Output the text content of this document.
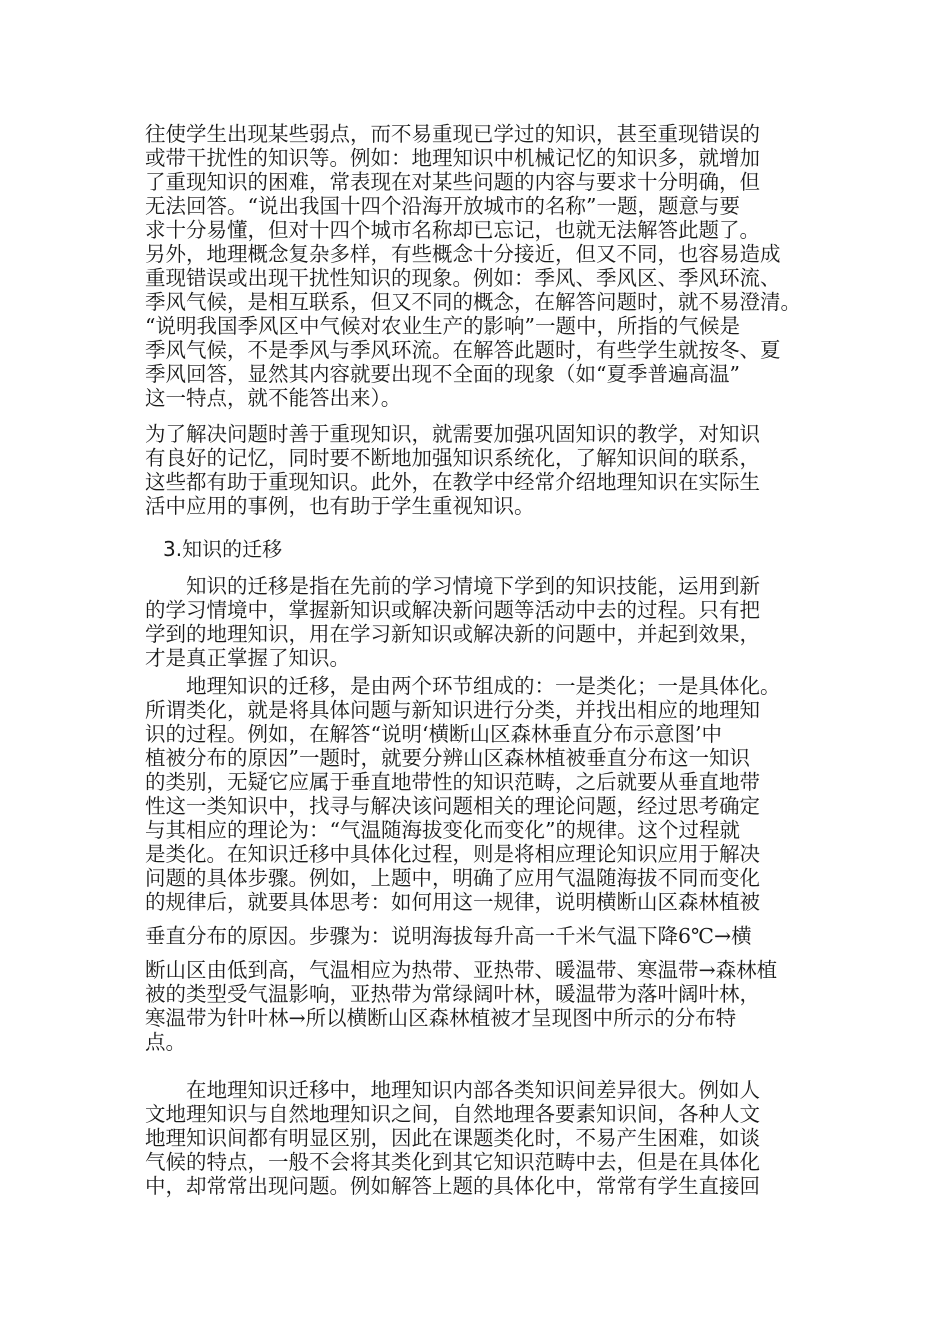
往使学生出现某些弱点，而不易重现已学过的知识，甚至重现错误的
或带干扰性的知识等。例如：地理知识中机械记忆的知识多，就增加
了重现知识的困难，常表现在对某些问题的内容与要求十分明确，但
无法回答。“说出我国十四个沿海开放城市的名称”一题，题意与要
求十分易懂，但对十四个城市名称却已忘记，也就无法解答此题了。
另外，地理概念复杂多样，有些概念十分接近，但又不同，也容易造成
重现错误或出现干扰性知识的现象。例如：季风、季风区、季风环流、
季风气候，是相互联系，但又不同的概念，在解答问题时，就不易澄清。
“说明我国季风区中气候对农业生产的影响”一题中，所指的气候是
季风气候，不是季风与季风环流。在解答此题时，有些学生就按冬、夏
季风回答，显然其内容就要出现不全面的现象（如“夏季普遍高温”
这一特点，就不能答出来）。
为了解决问题时善于重现知识，就需要加强巩固知识的教学，对知识
有良好的记忆，同时要不断地加强知识系统化，了解知识间的联系，
这些都有助于重现知识。此外，在教学中经常介绍地理知识在实际生
活中应用的事例，也有助于学生重视知识。
3.知识的迁移
知识的迁移是指在先前的学习情境下学到的知识技能，运用到新
的学习情境中，掌握新知识或解决新问题等活动中去的过程。只有把
学到的地理知识，用在学习新知识或解决新的问题中，并起到效果，
才是真正掌握了知识。
地理知识的迁移，是由两个环节组成的：一是类化；一是具体化。
所谓类化，就是将具体问题与新知识进行分类，并找出相应的地理知
识的过程。例如，在解答“说明‘横断山区森林垂直分布示意图’中
植被分布的原因”一题时，就要分辨山区森林植被垂直分布这一知识
的类别，无疑它应属于垂直地带性的知识范畴，之后就要从垂直地带
性这一类知识中，找寻与解决该问题相关的理论问题，经过思考确定
与其相应的理论为：“气温随海拔变化而变化”的规律。这个过程就
是类化。在知识迁移中具体化过程，则是将相应理论知识应用于解决
问题的具体步骤。例如，上题中，明确了应用气温随海拔不同而变化
的规律后，就要具体思考：如何用这一规律，说明横断山区森林植被
垂直分布的原因。步骤为：说明海拔每升高一千米气温下降6℃→横
断山区由低到高，气温相应为热带、亚热带、暖温带、寒温带→森林植
被的类型受气温影响，亚热带为常绿阔叶林，暖温带为落叶阔叶林，
寒温带为针叶林→所以横断山区森林植被才呈现图中所示的分布特
点。
在地理知识迁移中，地理知识内部各类知识间差异很大。例如人
文地理知识与自然地理知识之间，自然地理各要素知识间，各种人文
地理知识间都有明显区别，因此在课题类化时，不易产生困难，如谈
气候的特点，一般不会将其类化到其它知识范畴中去，但是在具体化
中，却常常出现问题。例如解答上题的具体化中，常常有学生直接回
